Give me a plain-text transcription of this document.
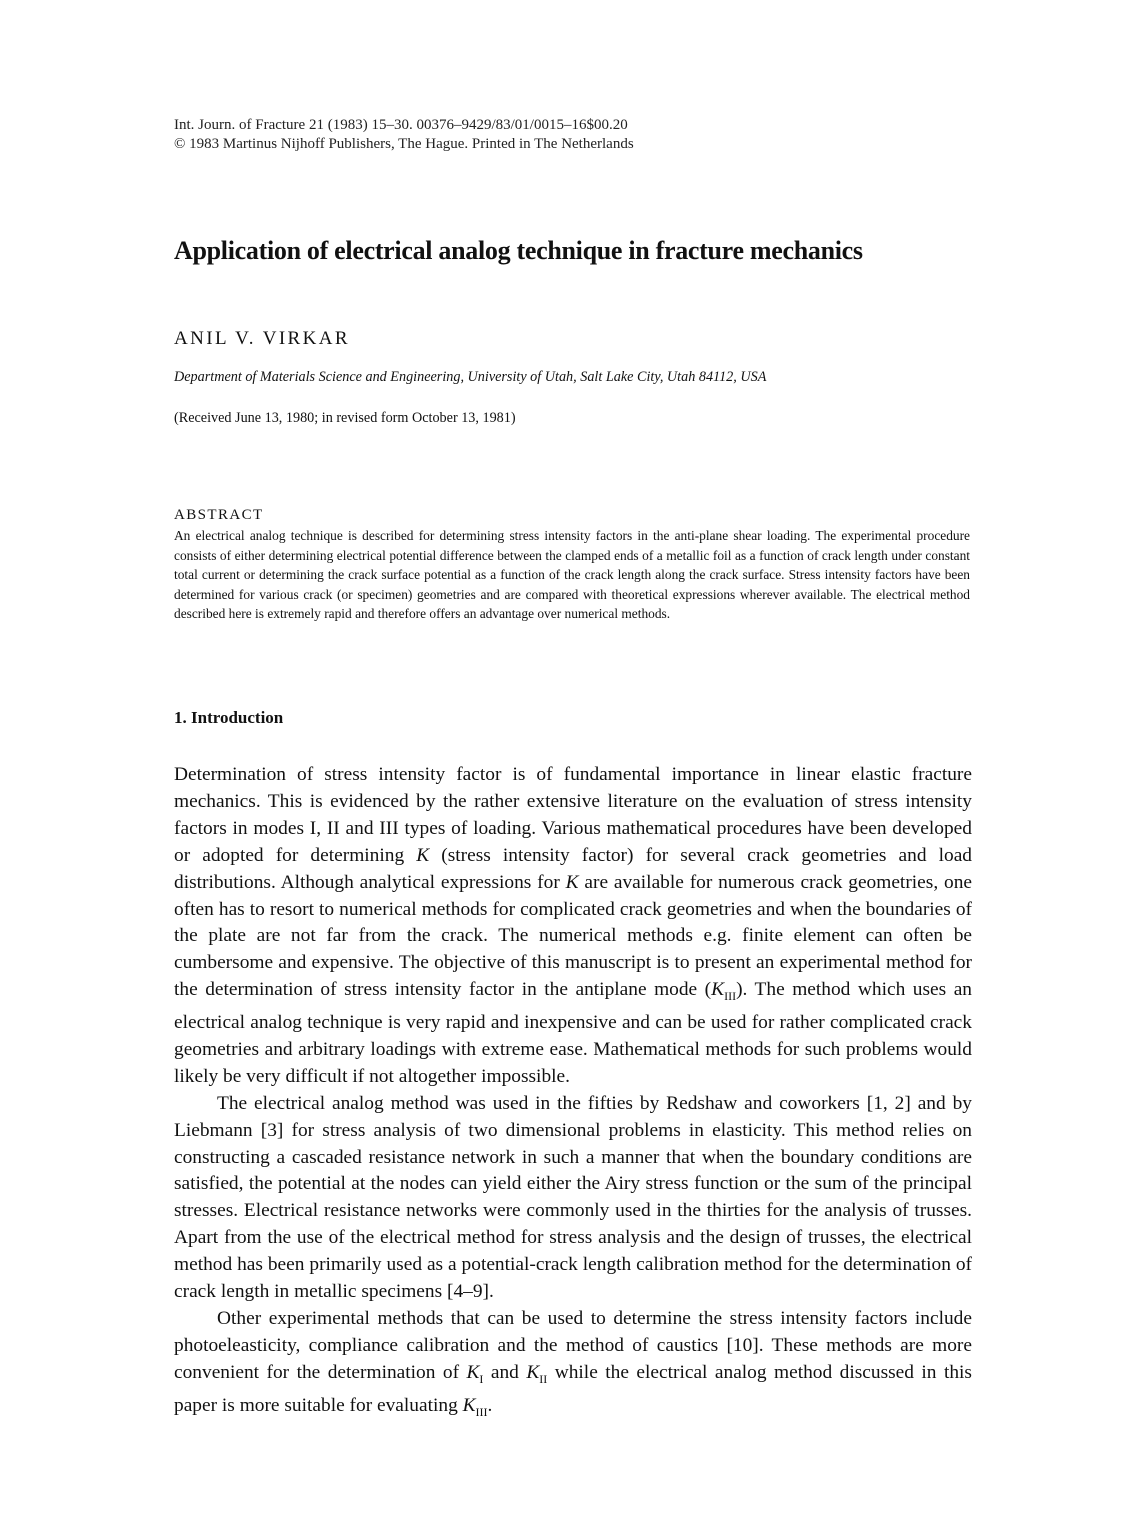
Int. Journ. of Fracture 21 (1983) 15–30. 00376–9429/83/01/0015–16$00.20
© 1983 Martinus Nijhoff Publishers, The Hague. Printed in The Netherlands
Application of electrical analog technique in fracture mechanics
ANIL V. VIRKAR
Department of Materials Science and Engineering, University of Utah, Salt Lake City, Utah 84112, USA
(Received June 13, 1980; in revised form October 13, 1981)
ABSTRACT
An electrical analog technique is described for determining stress intensity factors in the anti-plane shear loading. The experimental procedure consists of either determining electrical potential difference between the clamped ends of a metallic foil as a function of crack length under constant total current or determining the crack surface potential as a function of the crack length along the crack surface. Stress intensity factors have been determined for various crack (or specimen) geometries and are compared with theoretical expressions wherever available. The electrical method described here is extremely rapid and therefore offers an advantage over numerical methods.
1. Introduction

Determination of stress intensity factor is of fundamental importance in linear elastic fracture mechanics. This is evidenced by the rather extensive literature on the evaluation of stress intensity factors in modes I, II and III types of loading. Various mathematical procedures have been developed or adopted for determining K (stress intensity factor) for several crack geometries and load distributions. Although analytical expressions for K are available for numerous crack geometries, one often has to resort to numerical methods for complicated crack geometries and when the boundaries of the plate are not far from the crack. The numerical methods e.g. finite element can often be cumbersome and expensive. The objective of this manuscript is to present an experimental method for the determination of stress intensity factor in the antiplane mode $(K_{III})$. The method which uses an electrical analog technique is very rapid and inexpensive and can be used for rather complicated crack geometries and arbitrary loadings with extreme ease. Mathematical methods for such problems would likely be very difficult if not altogether impossible.

The electrical analog method was used in the fifties by Redshaw and coworkers [1, 2] and by Liebmann [3] for stress analysis of two dimensional problems in elasticity. This method relies on constructing a cascaded resistance network in such a manner that when the boundary conditions are satisfied, the potential at the nodes can yield either the Airy stress function or the sum of the principal stresses. Electrical resistance networks were commonly used in the thirties for the analysis of trusses. Apart from the use of the electrical method for stress analysis and the design of trusses, the electrical method has been primarily used as a potential-crack length calibration method for the determination of crack length in metallic specimens [4–9].

Other experimental methods that can be used to determine the stress intensity factors include photoeleasticity, compliance calibration and the method of caustics [10]. These methods are more convenient for the determination of $K_I$ and $K_{II}$ while the electrical analog method discussed in this paper is more suitable for evaluating $K_{III}$.
